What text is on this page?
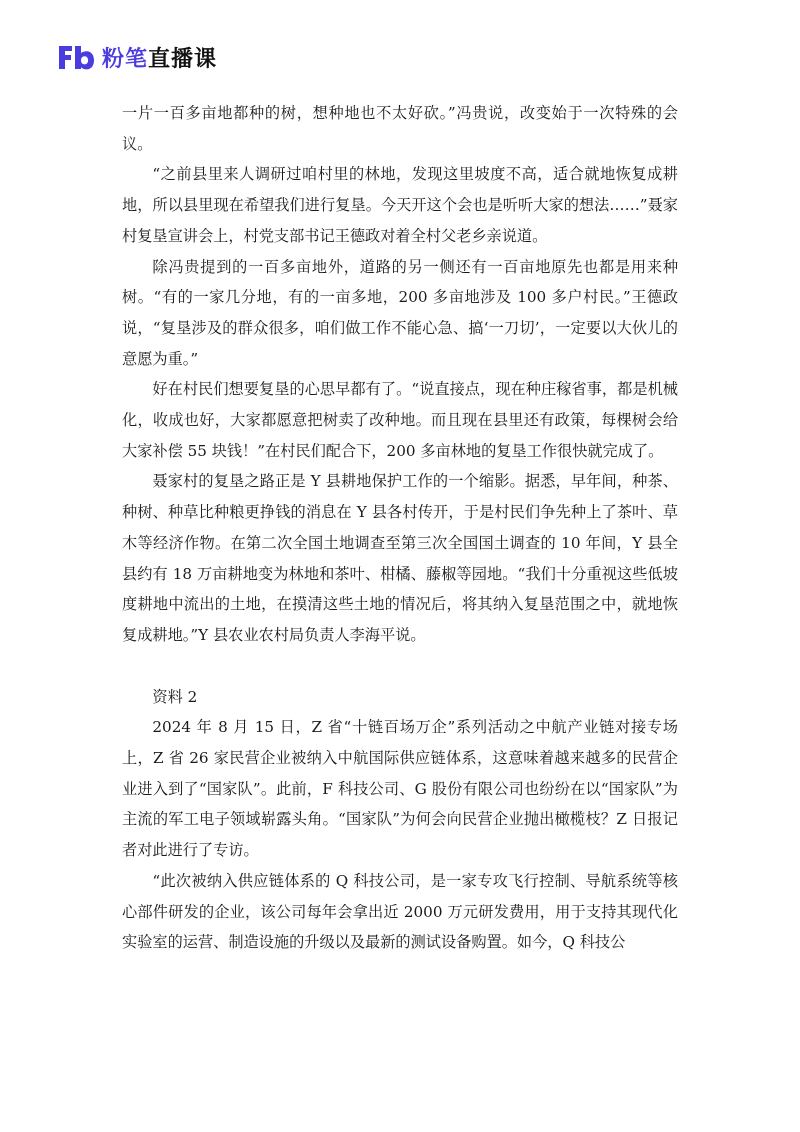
粉笔直播课

一片一百多亩地都种的树，想种地也不太好砍。”冯贵说，改变始于一次特殊的会议。

“之前县里来人调研过咱村里的林地，发现这里坡度不高，适合就地恢复成耕地，所以县里现在希望我们进行复垦。今天开这个会也是听听大家的想法……”聂家村复垦宣讲会上，村党支部书记王德政对着全村父老乡亲说道。

除冯贵提到的一百多亩地外，道路的另一侧还有一百亩地原先也都是用来种树。“有的一家几分地，有的一亩多地，200 多亩地涉及 100 多户村民。”王德政说，“复垦涉及的群众很多，咱们做工作不能心急、搞‘一刀切’，一定要以大伙儿的意愿为重。”

好在村民们想要复垦的心思早都有了。“说直接点，现在种庄稼省事，都是机械化，收成也好，大家都愿意把树卖了改种地。而且现在县里还有政策，每棵树会给大家补偿 55 块钱！”在村民们配合下，200 多亩林地的复垦工作很快就完成了。

聂家村的复垦之路正是 Y 县耕地保护工作的一个缩影。据悉，早年间，种茶、种树、种草比种粮更挣钱的消息在 Y 县各村传开，于是村民们争先种上了茶叶、草木等经济作物。在第二次全国土地调查至第三次全国国土调查的 10 年间，Y 县全县约有 18 万亩耕地变为林地和茶叶、柑橘、藤椒等园地。“我们十分重视这些低坡度耕地中流出的土地，在摸清这些土地的情况后，将其纳入复垦范围之中，就地恢复成耕地。”Y 县农业农村局负责人李海平说。

资料 2

2024 年 8 月 15 日，Z 省“十链百场万企”系列活动之中航产业链对接专场上，Z 省 26 家民营企业被纳入中航国际供应链体系，这意味着越来越多的民营企业进入到了“国家队”。此前，F 科技公司、G 股份有限公司也纷纷在以“国家队”为主流的军工电子领域崭露头角。“国家队”为何会向民营企业抛出橄榄枝？Z 日报记者对此进行了专访。

“此次被纳入供应链体系的 Q 科技公司，是一家专攻飞行控制、导航系统等核心部件研发的企业，该公司每年会拿出近 2000 万元研发费用，用于支持其现代化实验室的运营、制造设施的升级以及最新的测试设备购置。如今，Q 科技公
